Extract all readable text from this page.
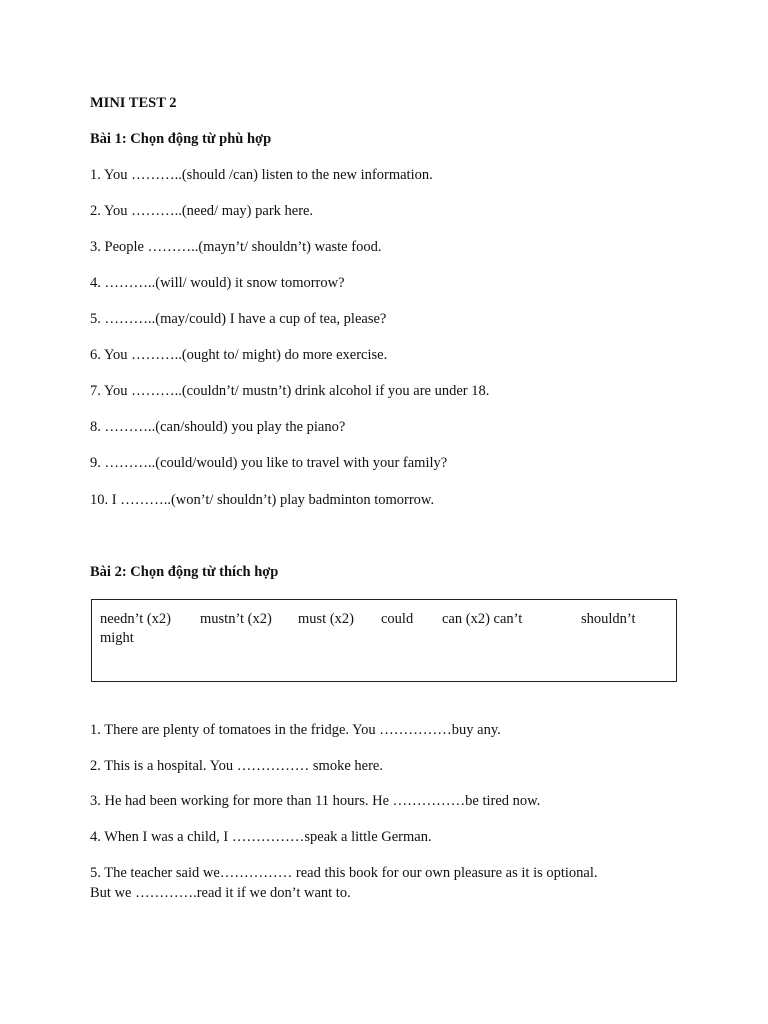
MINI TEST 2
Bài 1: Chọn động từ phù hợp
1. You ………..(should /can) listen to the new information.
2. You ………..(need/ may) park here.
3. People ………..(mayn’t/ shouldn’t) waste food.
4. ………..(will/ would) it snow tomorrow?
5. ………..(may/could) I have a cup of tea, please?
6. You ………..(ought to/ might) do more exercise.
7. You ………..(couldn’t/ mustn’t) drink alcohol if you are under 18.
8. ………..(can/should) you play the piano?
9. ………..(could/would) you like to travel with your family?
10. I ………..(won’t/ shouldn’t) play badminton tomorrow.
Bài 2: Chọn động từ thích hợp
needn’t (x2) mustn’t (x2) must (x2) could can (x2) can’t	shouldn’t
might
1. There are plenty of tomatoes in the fridge. You ……………buy any.
2. This is a hospital. You …………… smoke here.
3. He had been working for more than 11 hours. He ……………be tired now.
4. When I was a child, I ……………speak a little German.
5. The teacher said we…………… read this book for our own pleasure as it is optional.
But we ………….read it if we don’t want to.
